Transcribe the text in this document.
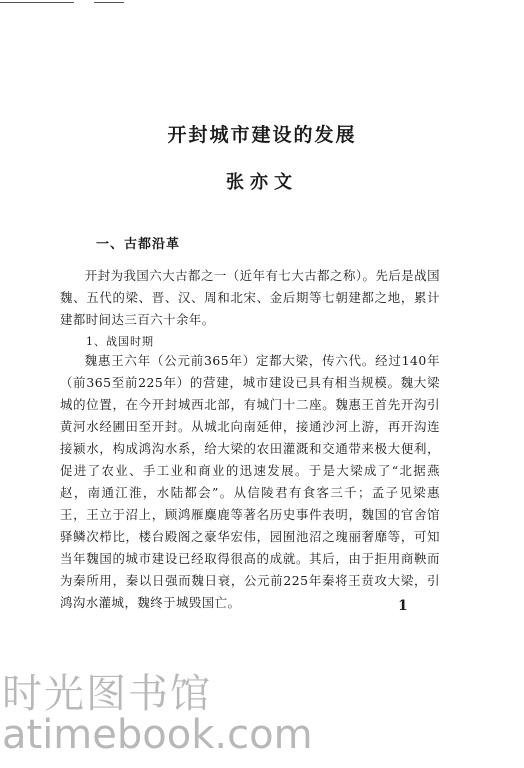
开封城市建设的发展
张亦文
一、古都沿革

开封为我国六大古都之一（近年有七大古都之称）。先后是战国魏、五代的梁、晋、汉、周和北宋、金后期等七朝建都之地，累计建都时间达三百六十余年。

1、战国时期

魏惠王六年（公元前365年）定都大梁，传六代。经过140年（前365至前225年）的营建，城市建设已具有相当规模。魏大梁城的位置，在今开封城西北部，有城门十二座。魏惠王首先开沟引黄河水经圃田至开封。从城北向南延伸，接通沙河上游，再开沟连接颍水，构成鸿沟水系，给大梁的农田灌溉和交通带来极大便利，促进了农业、手工业和商业的迅速发展。于是大梁成了“北据燕赵，南通江淮，水陆都会”。从信陵君有食客三千；孟子见梁惠王，王立于沼上，顾鸿雁麋鹿等著名历史事件表明，魏国的官舍馆驿鳞次栉比，楼台殿阁之豪华宏伟，园囿池沼之瑰丽奢靡等，可知当年魏国的城市建设已经取得很高的成就。其后，由于拒用商鞅而为秦所用，秦以日强而魏日衰，公元前225年秦将王贲攻大梁，引鸿沟水灌城，魏终于城毁国亡。	1
时光图书馆
atimebook.com
